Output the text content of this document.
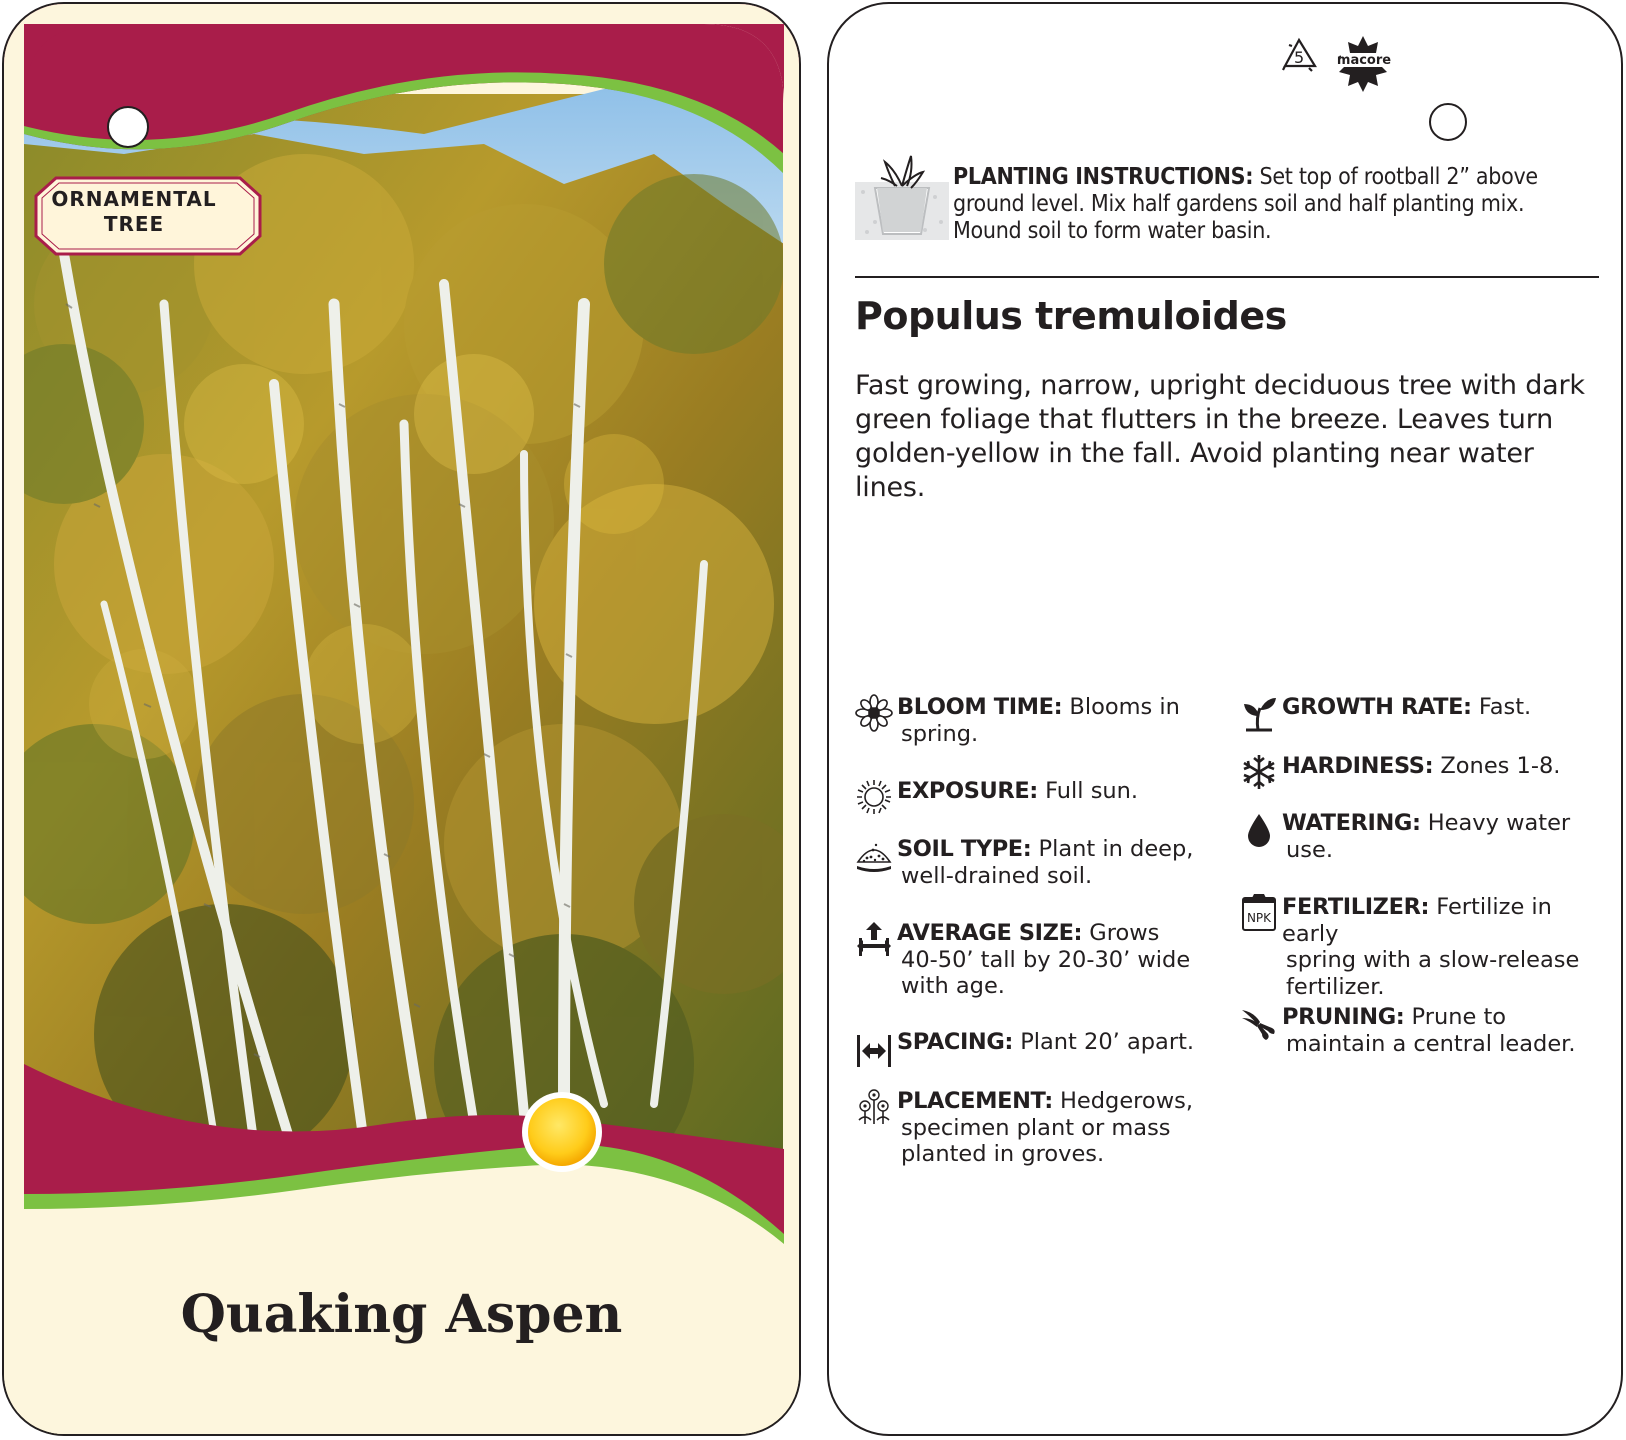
ORNAMENTAL
TREE
Quaking Aspen
5	macore
PLANTING INSTRUCTIONS: Set top of rootball 2” above
ground level. Mix half gardens soil and half planting mix.
Mound soil to form water basin.
Populus tremuloides
Fast growing, narrow, upright deciduous tree with dark
green foliage that flutters in the breeze. Leaves turn
golden-yellow in the fall. Avoid planting near water lines.
BLOOM TIME: Blooms in
spring.
EXPOSURE: Full sun.
SOIL TYPE: Plant in deep,
well-drained soil.
AVERAGE SIZE: Grows
40-50’ tall by 20-30’ wide
with age.
SPACING: Plant 20’ apart.
PLACEMENT: Hedgerows,
specimen plant or mass
planted in groves.
GROWTH RATE: Fast.
HARDINESS: Zones 1-8.
WATERING: Heavy water
use.
NPK FERTILIZER: Fertilize in early
spring with a slow-release
fertilizer.
PRUNING: Prune to
maintain a central leader.
